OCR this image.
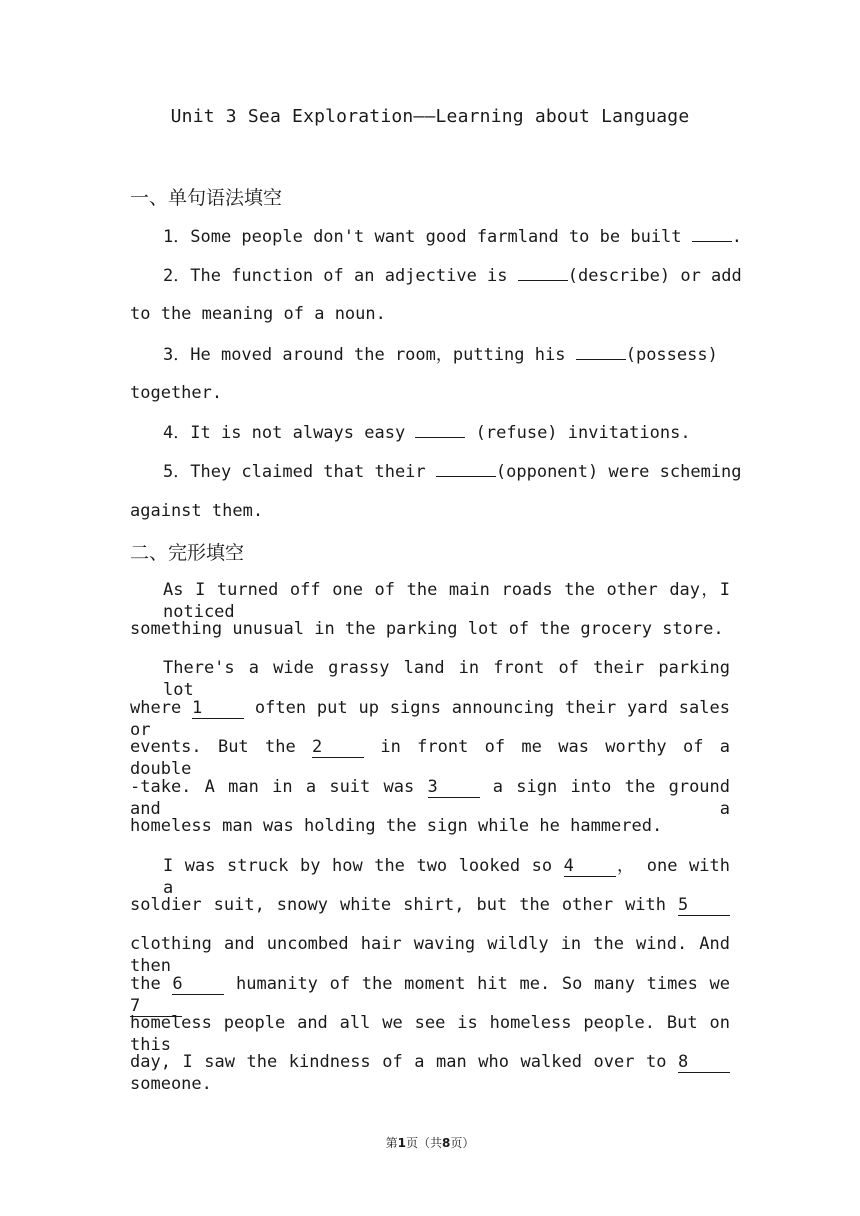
Unit 3 Sea Exploration——Learning about Language
一、单句语法填空
1．Some people don't want good farmland to be built .
2．The function of an adjective is	(describe) or add
to the meaning of a noun.
3．He moved around the room，putting his	(possess)
together.
4．It is not always easy	(refuse) invitations.
5．They claimed that their	(opponent) were scheming
against them.
二、完形填空
As I turned off one of the main roads the other day，I noticed
something unusual in the parking lot of the grocery store.
There's a wide grassy land in front of their parking lot
where 1 often put up signs announcing their yard sales or
events. But the 2 in front of me was worthy of a double
-take. A man in a suit was 3 a sign into the ground and a
homeless man was holding the sign while he hammered.
I was struck by how the two looked so 4 ， one with a
soldier suit, snowy white shirt, but the other with 5
clothing and uncombed hair waving wildly in the wind. And then
the 6 humanity of the moment hit me. So many times we7
homeless people and all we see is homeless people. But on this
day, I saw the kindness of a man who walked over to 8 someone.
第1页（共8页）
